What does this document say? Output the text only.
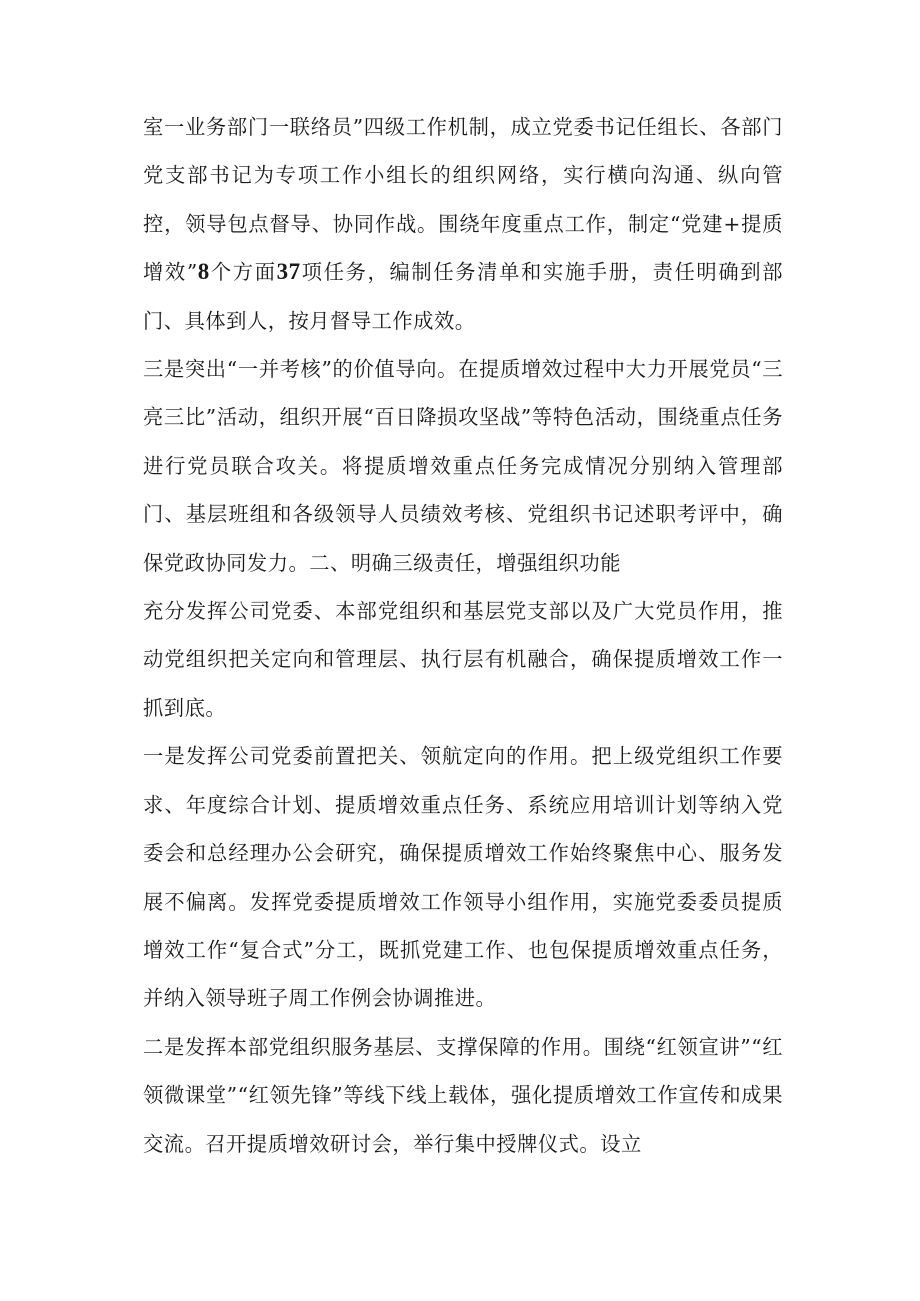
室一业务部门一联络员”四级工作机制，成立党委书记任组长、各部门党支部书记为专项工作小组长的组织网络，实行横向沟通、纵向管控，领导包点督导、协同作战。围绕年度重点工作，制定“党建+提质增效”8个方面37项任务，编制任务清单和实施手册，责任明确到部门、具体到人，按月督导工作成效。

三是突出“一并考核”的价值导向。在提质增效过程中大力开展党员“三亮三比”活动，组织开展“百日降损攻坚战”等特色活动，围绕重点任务进行党员联合攻关。将提质增效重点任务完成情况分别纳入管理部门、基层班组和各级领导人员绩效考核、党组织书记述职考评中，确保党政协同发力。二、明确三级责任，增强组织功能

充分发挥公司党委、本部党组织和基层党支部以及广大党员作用，推动党组织把关定向和管理层、执行层有机融合，确保提质增效工作一抓到底。

一是发挥公司党委前置把关、领航定向的作用。把上级党组织工作要求、年度综合计划、提质增效重点任务、系统应用培训计划等纳入党委会和总经理办公会研究，确保提质增效工作始终聚焦中心、服务发展不偏离。发挥党委提质增效工作领导小组作用，实施党委委员提质增效工作“复合式”分工，既抓党建工作、也包保提质增效重点任务，并纳入领导班子周工作例会协调推进。

二是发挥本部党组织服务基层、支撑保障的作用。围绕“红领宣讲”“红领微课堂”“红领先锋”等线下线上载体，强化提质增效工作宣传和成果交流。召开提质增效研讨会，举行集中授牌仪式。设立
